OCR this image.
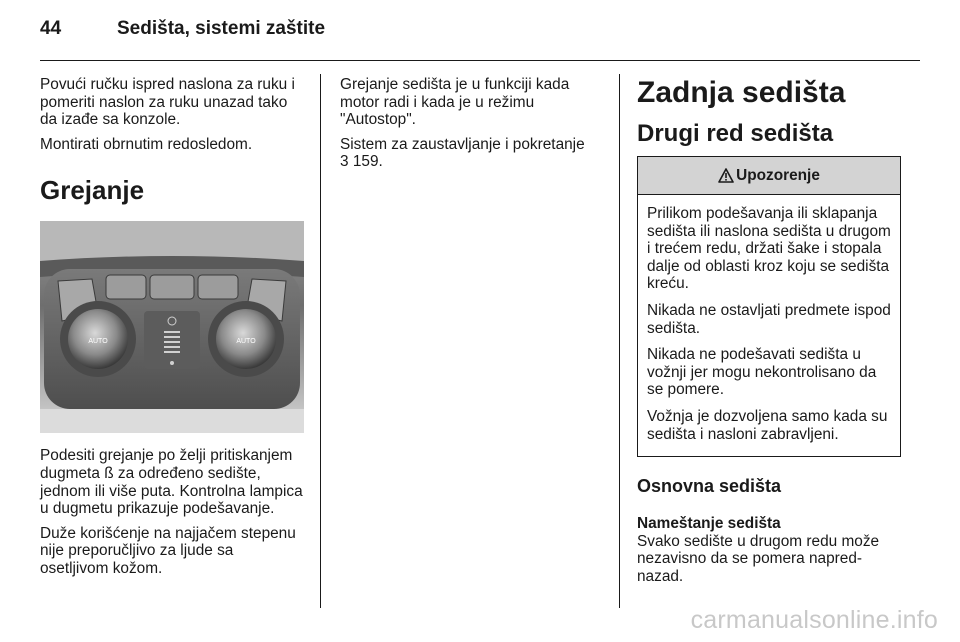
44	Sedišta, sistemi zaštite

Povući ručku ispred naslona za ruku i pomeriti naslon za ruku unazad tako da izađe sa konzole.

Montirati obrnutim redosledom.

Grejanje
AUTO
AUTO

Podesiti grejanje po želji pritiskanjem dugmeta ß za određeno sedište, jednom ili više puta. Kontrolna lampica u dugmetu prikazuje podešavanje.

Duže korišćenje na najjačem stepenu nije preporučljivo za ljude sa osetljivom kožom.

Grejanje sedišta je u funkciji kada motor radi i kada je u režimu "Autostop".

Sistem za zaustavljanje i pokretanje
3 159.

Zadnja sedišta
Drugi red sedišta
Upozorenje

Prilikom podešavanja ili sklapanja sedišta ili naslona sedišta u drugom i trećem redu, držati šake i stopala dalje od oblasti kroz koju se sedišta kreću.

Nikada ne ostavljati predmete ispod sedišta.

Nikada ne podešavati sedišta u vožnji jer mogu nekontrolisano da se pomere.

Vožnja je dozvoljena samo kada su sedišta i nasloni zabravljeni.

Osnovna sedišta
Nameštanje sedišta

Svako sedište u drugom redu može nezavisno da se pomera napred-nazad.

carmanualsonline.info
